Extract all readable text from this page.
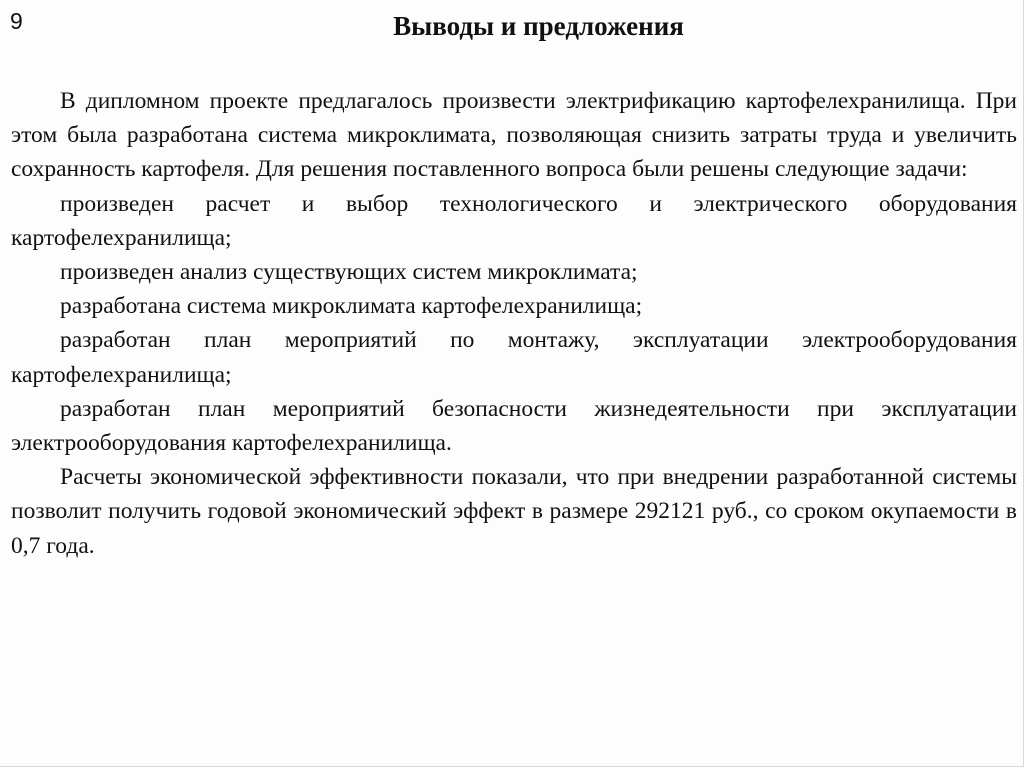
9	Выводы и предложения

В дипломном проекте предлагалось произвести электрификацию картофелехранилища. При этом была разработана система микроклимата, позволяющая снизить затраты труда и увеличить сохранность картофеля. Для решения поставленного вопроса были решены следующие задачи:

произведен расчет и выбор технологического и электрического оборудования картофелехранилища;
произведен анализ существующих систем микроклимата;
разработана система микроклимата картофелехранилища;
разработан план мероприятий по монтажу, эксплуатации электрооборудования картофелехранилища;
разработан план мероприятий безопасности жизнедеятельности при эксплуатации электрооборудования картофелехранилища.

Расчеты экономической эффективности показали, что при внедрении разработанной системы позволит получить годовой экономический эффект в размере 292121 руб., со сроком окупаемости в 0,7 года.
